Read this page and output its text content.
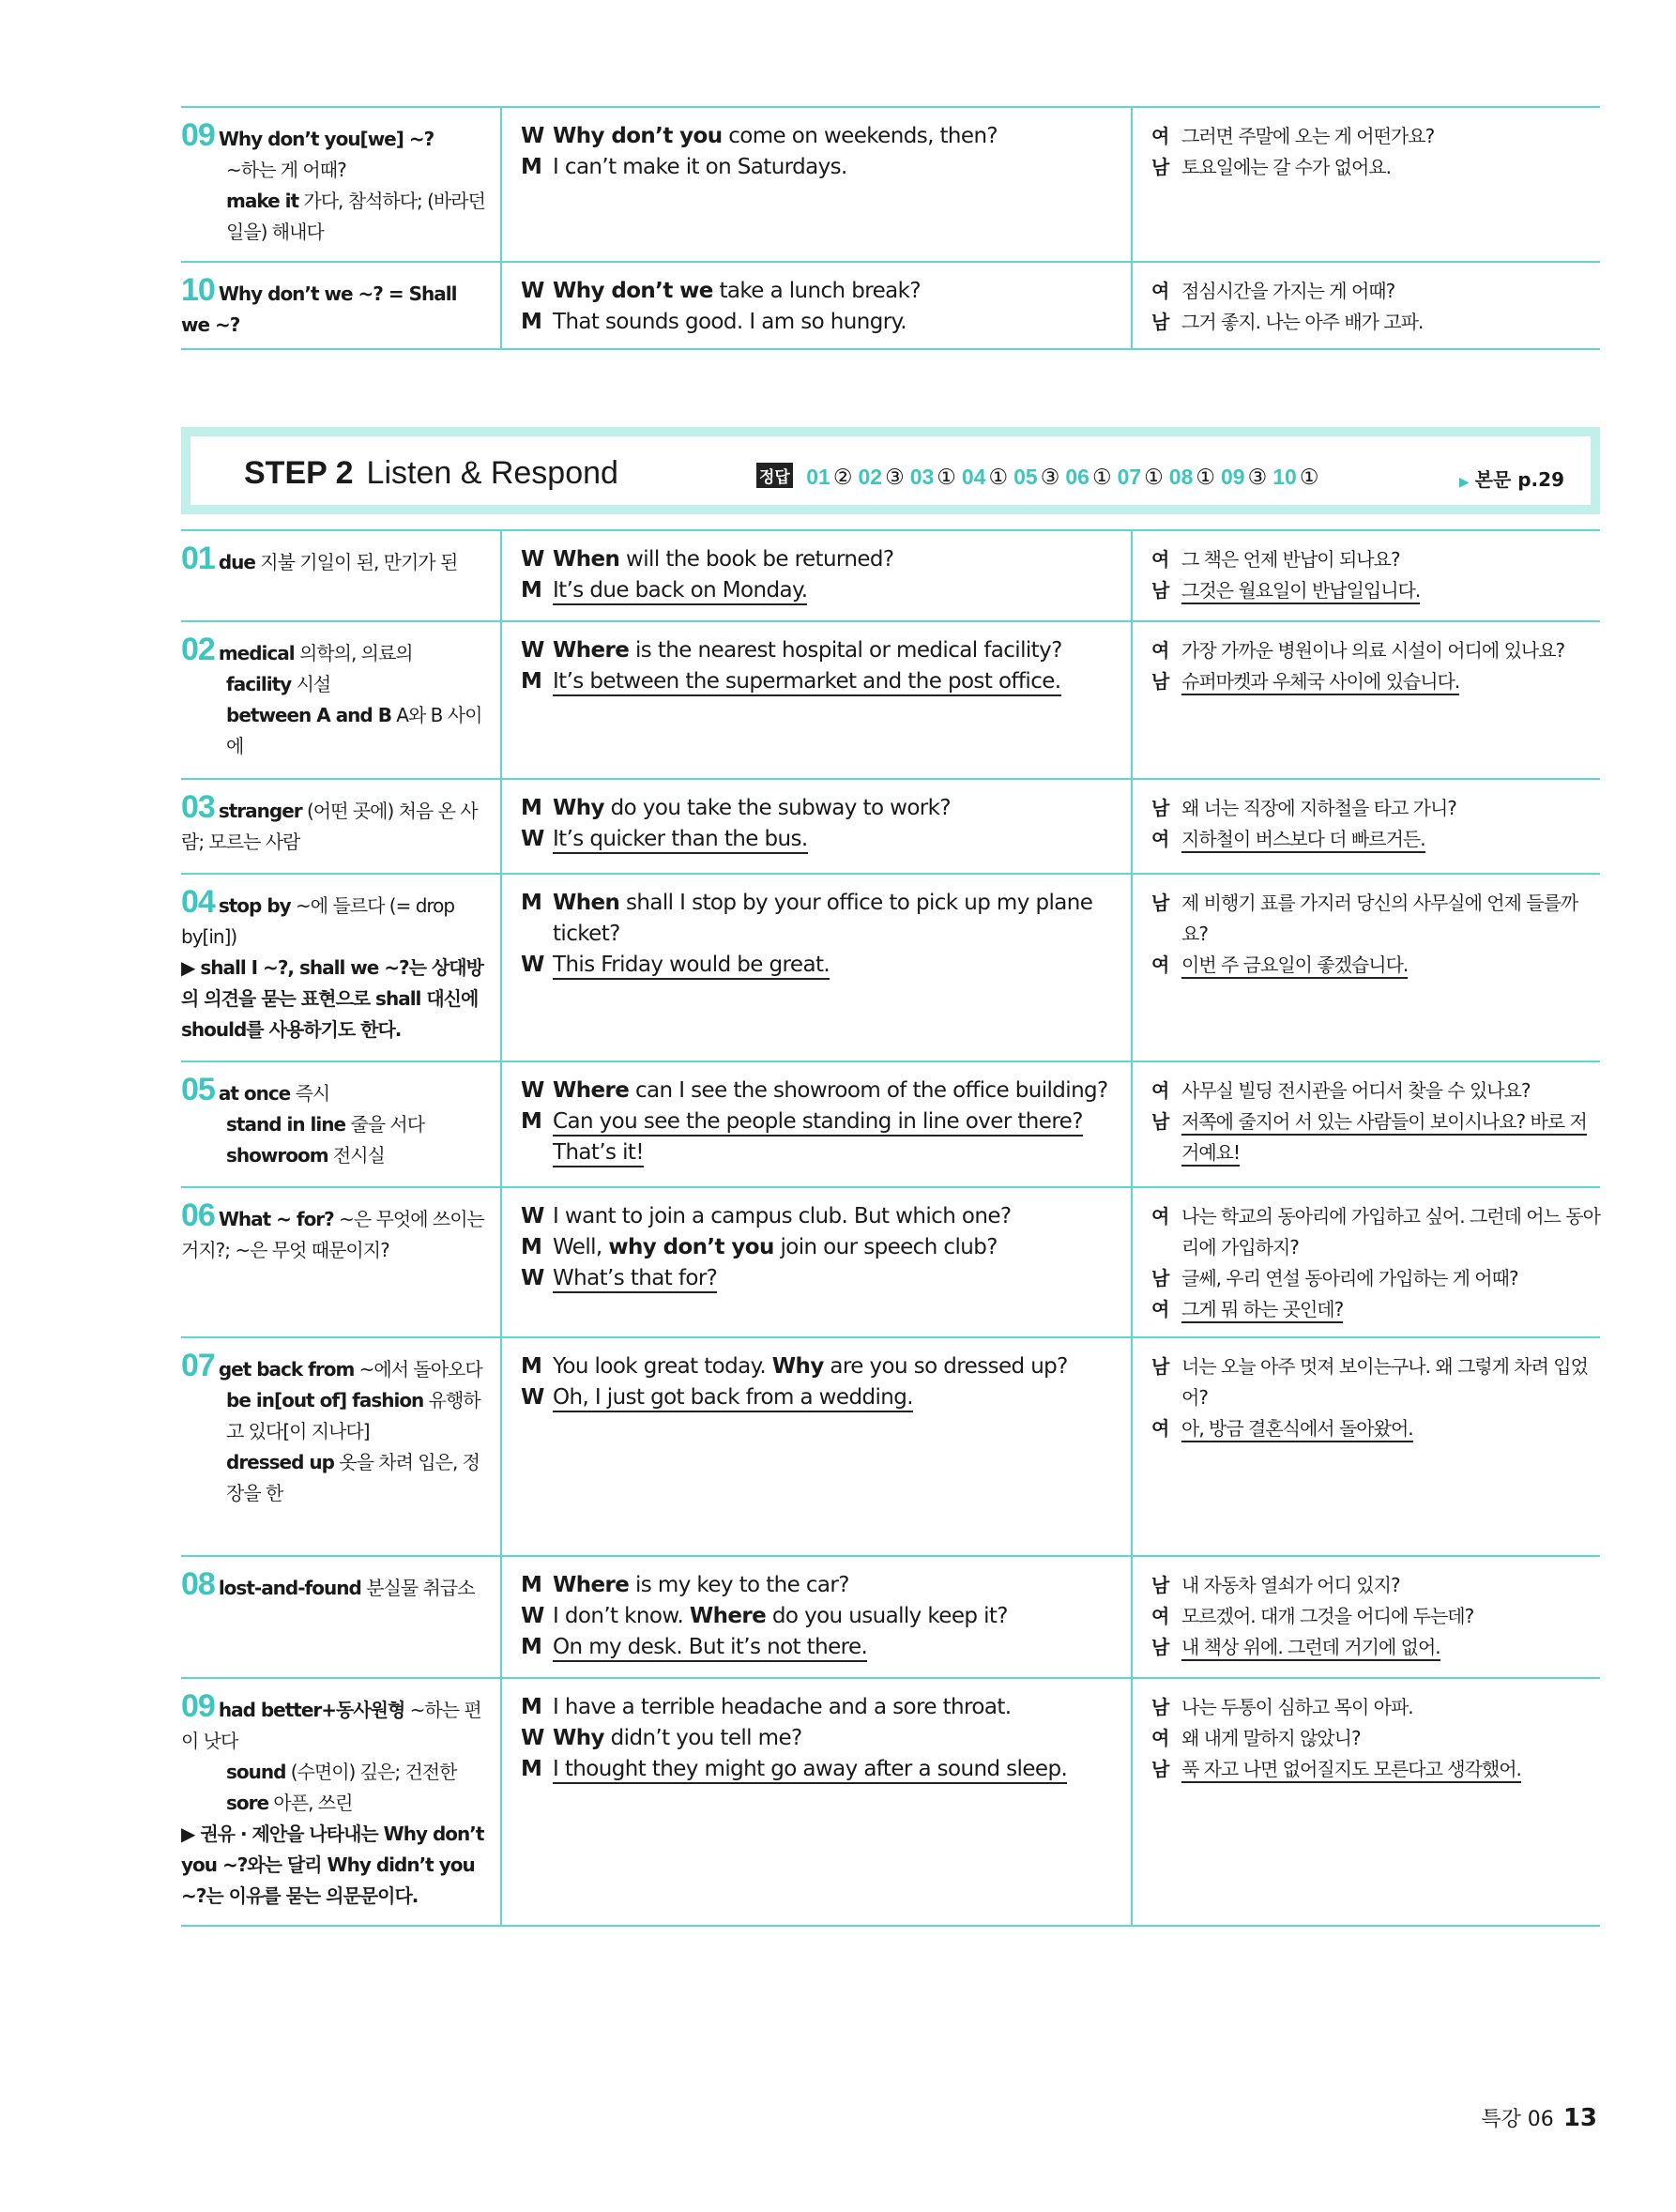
09 Why don’t you[we] ~?
~하는 게 어때?
make it 가다, 참석하다; (바라던 일을) 해내다
W Why don’t you come on weekends, then?
M I can’t make it on Saturdays.
여 그러면 주말에 오는 게 어떤가요?
남 토요일에는 갈 수가 없어요.
10 Why don’t we ~? = Shall we ~?
W Why don’t we take a lunch break?
M That sounds good. I am so hungry.
여 점심시간을 가지는 게 어때?
남 그거 좋지. 나는 아주 배가 고파.
STEP 2 Listen & Respond	정답 01 ② 02 ③ 03 ① 04 ① 05 ③ 06 ① 07 ① 08 ① 09 ③ 10 ①	▶ 본문 p.29
01 due 지불 기일이 된, 만기가 된	W When will the book be returned?
M It’s due back on Monday.
여 그 책은 언제 반납이 되나요?
남 그것은 월요일이 반납일입니다.
02 medical 의학의, 의료의
facility 시설
between A and B A와 B 사이에
W Where is the nearest hospital or medical facility?
M It’s between the supermarket and the post office.
여 가장 가까운 병원이나 의료 시설이 어디에 있나요?
남 슈퍼마켓과 우체국 사이에 있습니다.
03 stranger (어떤 곳에) 처음 온 사람; 모르는 사람
M Why do you take the subway to work?
W It’s quicker than the bus.
남 왜 너는 직장에 지하철을 타고 가니?
여 지하철이 버스보다 더 빠르거든.
04 stop by ~에 들르다 (= drop by[in])
▶ shall I ~?, shall we ~?는 상대방의 의견을 묻는 표현으로 shall 대신에 should를 사용하기도 한다.
M When shall I stop by your office to pick up my plane ticket?
W This Friday would be great.
남 제 비행기 표를 가지러 당신의 사무실에 언제 들를까요?
여 이번 주 금요일이 좋겠습니다.
05 at once 즉시
stand in line 줄을 서다
showroom 전시실
W Where can I see the showroom of the office building?
M Can you see the people standing in line over there? That’s it!
여 사무실 빌딩 전시관을 어디서 찾을 수 있나요?
남 저쪽에 줄지어 서 있는 사람들이 보이시나요? 바로 저거예요!
06 What ~ for? ~은 무엇에 쓰이는 거지?; ~은 무엇 때문이지?
W I want to join a campus club. But which one?
M Well, why don’t you join our speech club?
W What’s that for?
여 나는 학교의 동아리에 가입하고 싶어. 그런데 어느 동아리에 가입하지?
남 글쎄, 우리 연설 동아리에 가입하는 게 어때?
여 그게 뭐 하는 곳인데?
07 get back from ~에서 돌아오다
be in[out of] fashion 유행하고 있다[이 지나다]
dressed up 옷을 차려 입은, 정장을 한
M You look great today. Why are you so dressed up?
W Oh, I just got back from a wedding.
남 너는 오늘 아주 멋져 보이는구나. 왜 그렇게 차려 입었어?
여 아, 방금 결혼식에서 돌아왔어.
08 lost-and-found 분실물 취급소	M Where is my key to the car?
W I don’t know. Where do you usually keep it?
M On my desk. But it’s not there.
남 내 자동차 열쇠가 어디 있지?
여 모르겠어. 대개 그것을 어디에 두는데?
남 내 책상 위에. 그런데 거기에 없어.
09 had better+동사원형 ~하는 편이 낫다
sound (수면이) 깊은; 건전한
sore 아픈, 쓰린
▶ 권유 · 제안을 나타내는 Why don’t you ~?와는 달리 Why didn’t you ~?는 이유를 묻는 의문문이다.
M I have a terrible headache and a sore throat.
W Why didn’t you tell me?
M I thought they might go away after a sound sleep.
남 나는 두통이 심하고 목이 아파.
여 왜 내게 말하지 않았니?
남 푹 자고 나면 없어질지도 모른다고 생각했어.
특강 06 13
